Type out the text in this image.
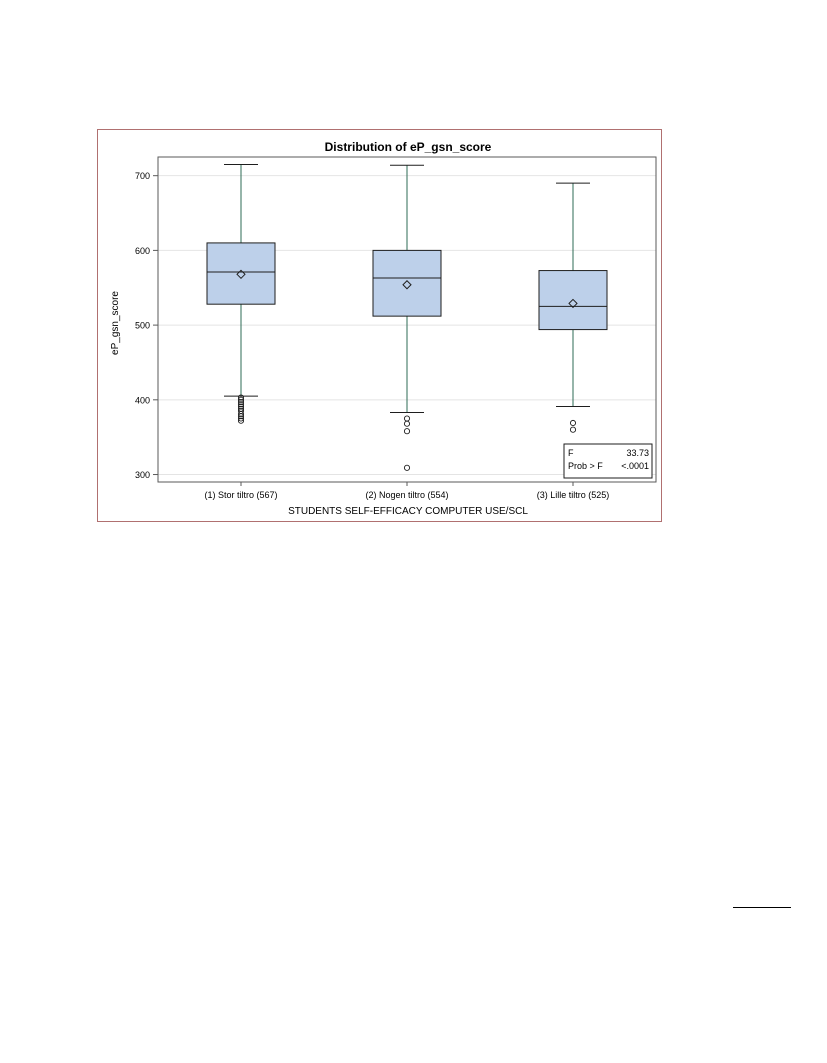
Distribution of eP_gsn_score
300
400
500
600
700
(1) Stor tiltro (567)	(2) Nogen tiltro (554)	(3) Lille tiltro (525)
F	33.73
Prob > F <.0001
STUDENTS SELF-EFFICACY COMPUTER USE/SCL
eP_gsn_score
